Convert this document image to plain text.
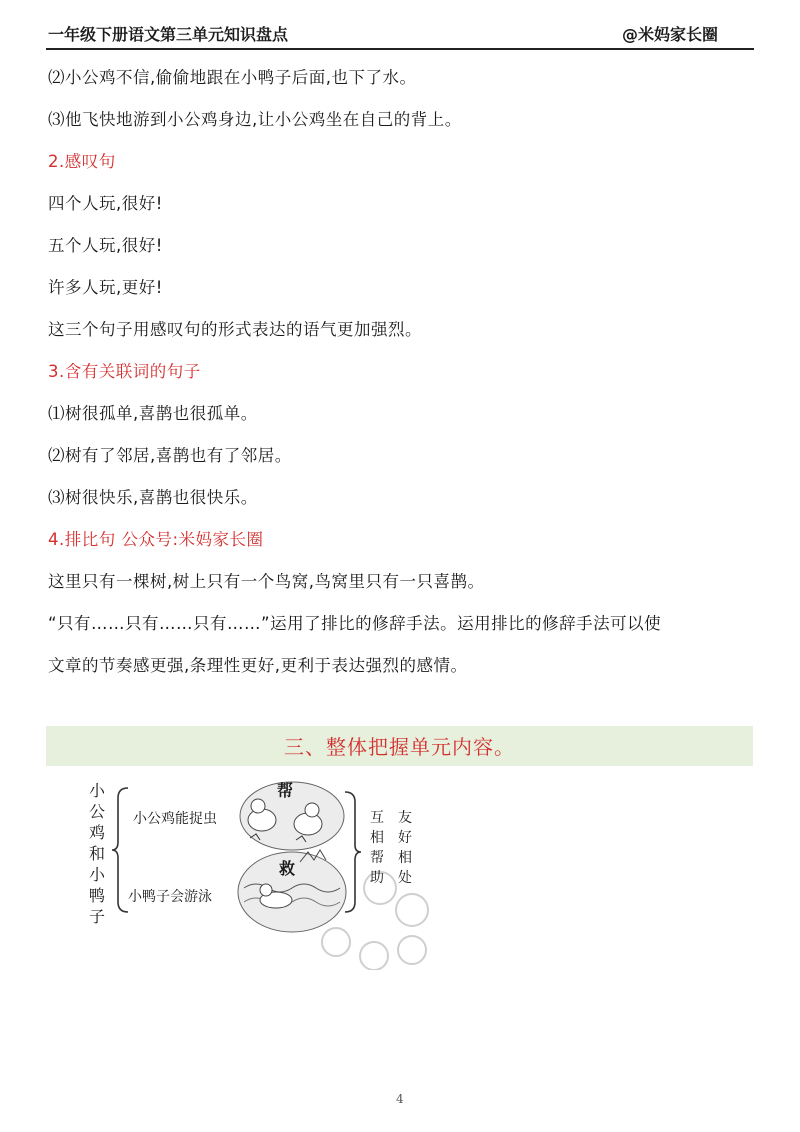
一年级下册语文第三单元知识盘点	@米妈家长圈
⑵小公鸡不信,偷偷地跟在小鸭子后面,也下了水。
⑶他飞快地游到小公鸡身边,让小公鸡坐在自己的背上。
2.感叹句
四个人玩,很好!
五个人玩,很好!
许多人玩,更好!
这三个句子用感叹句的形式表达的语气更加强烈。
3.含有关联词的句子
⑴树很孤单,喜鹊也很孤单。
⑵树有了邻居,喜鹊也有了邻居。
⑶树很快乐,喜鹊也很快乐。
4.排比句 公众号:米妈家长圈
这里只有一棵树,树上只有一个鸟窝,鸟窝里只有一只喜鹊。
“只有……只有……只有……”运用了排比的修辞手法。运用排比的修辞手法可以使
文章的节奏感更强,条理性更好,更利于表达强烈的感情。
三、整体把握单元内容。
小
公
鸡
和
小
鸭
子
小公鸡能捉虫
小鸭子会游泳
帮
救
互
相
帮
助
友
好
相
处
4
